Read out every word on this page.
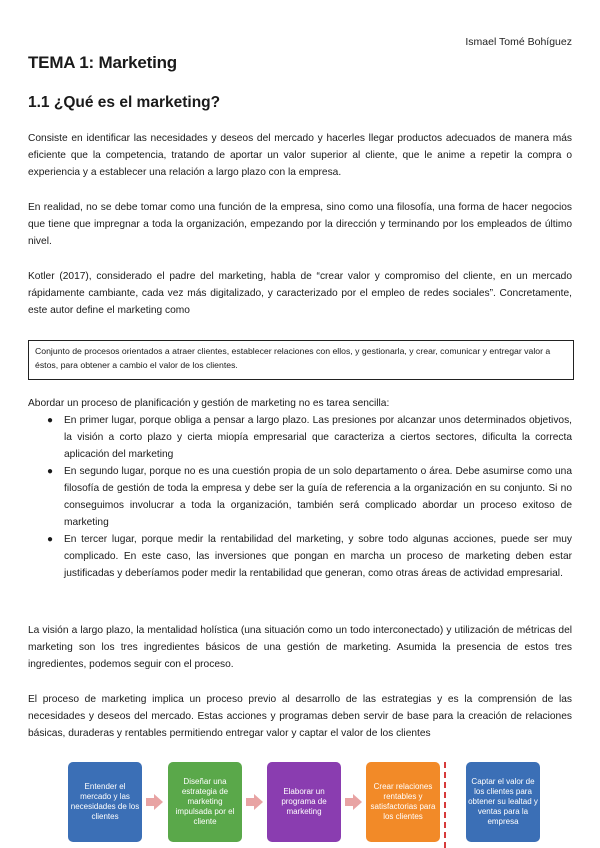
Ismael Tomé Bohíguez
TEMA 1: Marketing
1.1 ¿Qué es el marketing?

Consiste en identificar las necesidades y deseos del mercado y hacerles llegar productos adecuados de manera más eficiente que la competencia, tratando de aportar un valor superior al cliente, que le anime a repetir la compra o experiencia y a establecer una relación a largo plazo con la empresa.

En realidad, no se debe tomar como una función de la empresa, sino como una filosofía, una forma de hacer negocios que tiene que impregnar a toda la organización, empezando por la dirección y terminando por los empleados de último nivel.

Kotler (2017), considerado el padre del marketing, habla de “crear valor y compromiso del cliente, en un mercado rápidamente cambiante, cada vez más digitalizado, y caracterizado por el empleo de redes sociales”. Concretamente, este autor define el marketing como

Conjunto de procesos orientados a atraer clientes, establecer relaciones con ellos, y gestionarla, y crear, comunicar y entregar valor a éstos, para obtener a cambio el valor de los clientes.

Abordar un proceso de planificación y gestión de marketing no es tarea sencilla:

● En primer lugar, porque obliga a pensar a largo plazo. Las presiones por alcanzar unos determinados objetivos, la visión a corto plazo y cierta miopía empresarial que caracteriza a ciertos sectores, dificulta la correcta aplicación del marketing
● En segundo lugar, porque no es una cuestión propia de un solo departamento o área. Debe asumirse como una filosofía de gestión de toda la empresa y debe ser la guía de referencia a la organización en su conjunto. Si no conseguimos involucrar a toda la organización, también será complicado abordar un proceso exitoso de marketing
● En tercer lugar, porque medir la rentabilidad del marketing, y sobre todo algunas acciones, puede ser muy complicado. En este caso, las inversiones que pongan en marcha un proceso de marketing deben estar justificadas y deberíamos poder medir la rentabilidad que generan, como otras áreas de actividad empresarial.

La visión a largo plazo, la mentalidad holística (una situación como un todo interconectado) y utilización de métricas del marketing son los tres ingredientes básicos de una gestión de marketing. Asumida la presencia de estos tres ingredientes, podemos seguir con el proceso.

El proceso de marketing implica un proceso previo al desarrollo de las estrategias y es la comprensión de las necesidades y deseos del mercado. Estas acciones y programas deben servir de base para la creación de relaciones básicas, duraderas y rentables permitiendo entregar valor y captar el valor de los clientes

Entender el mercado y las necesidades de los clientes
Diseñar una estrategia de marketing impulsada por el cliente
Elaborar un programa de marketing
Crear relaciones rentables y satisfactorias para los clientes
Captar el valor de los clientes para obtener su lealtad y ventas para la empresa
